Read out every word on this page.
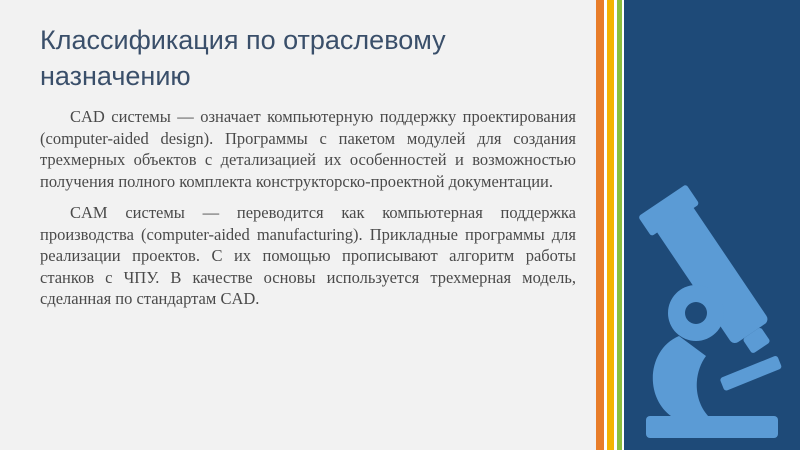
Классификация по отраслевому назначению

CAD системы — означает компьютерную поддержку проектирования (computer-aided design). Программы с пакетом модулей для создания трехмерных объектов с детализацией их особенностей и возможностью получения полного комплекта конструкторско-проектной документации.

CAM системы — переводится как компьютерная поддержка производства (computer-aided manufacturing). Прикладные программы для реализации проектов. С их помощью прописывают алгоритм работы станков с ЧПУ. В качестве основы используется трехмерная модель, сделанная по стандартам CAD.
